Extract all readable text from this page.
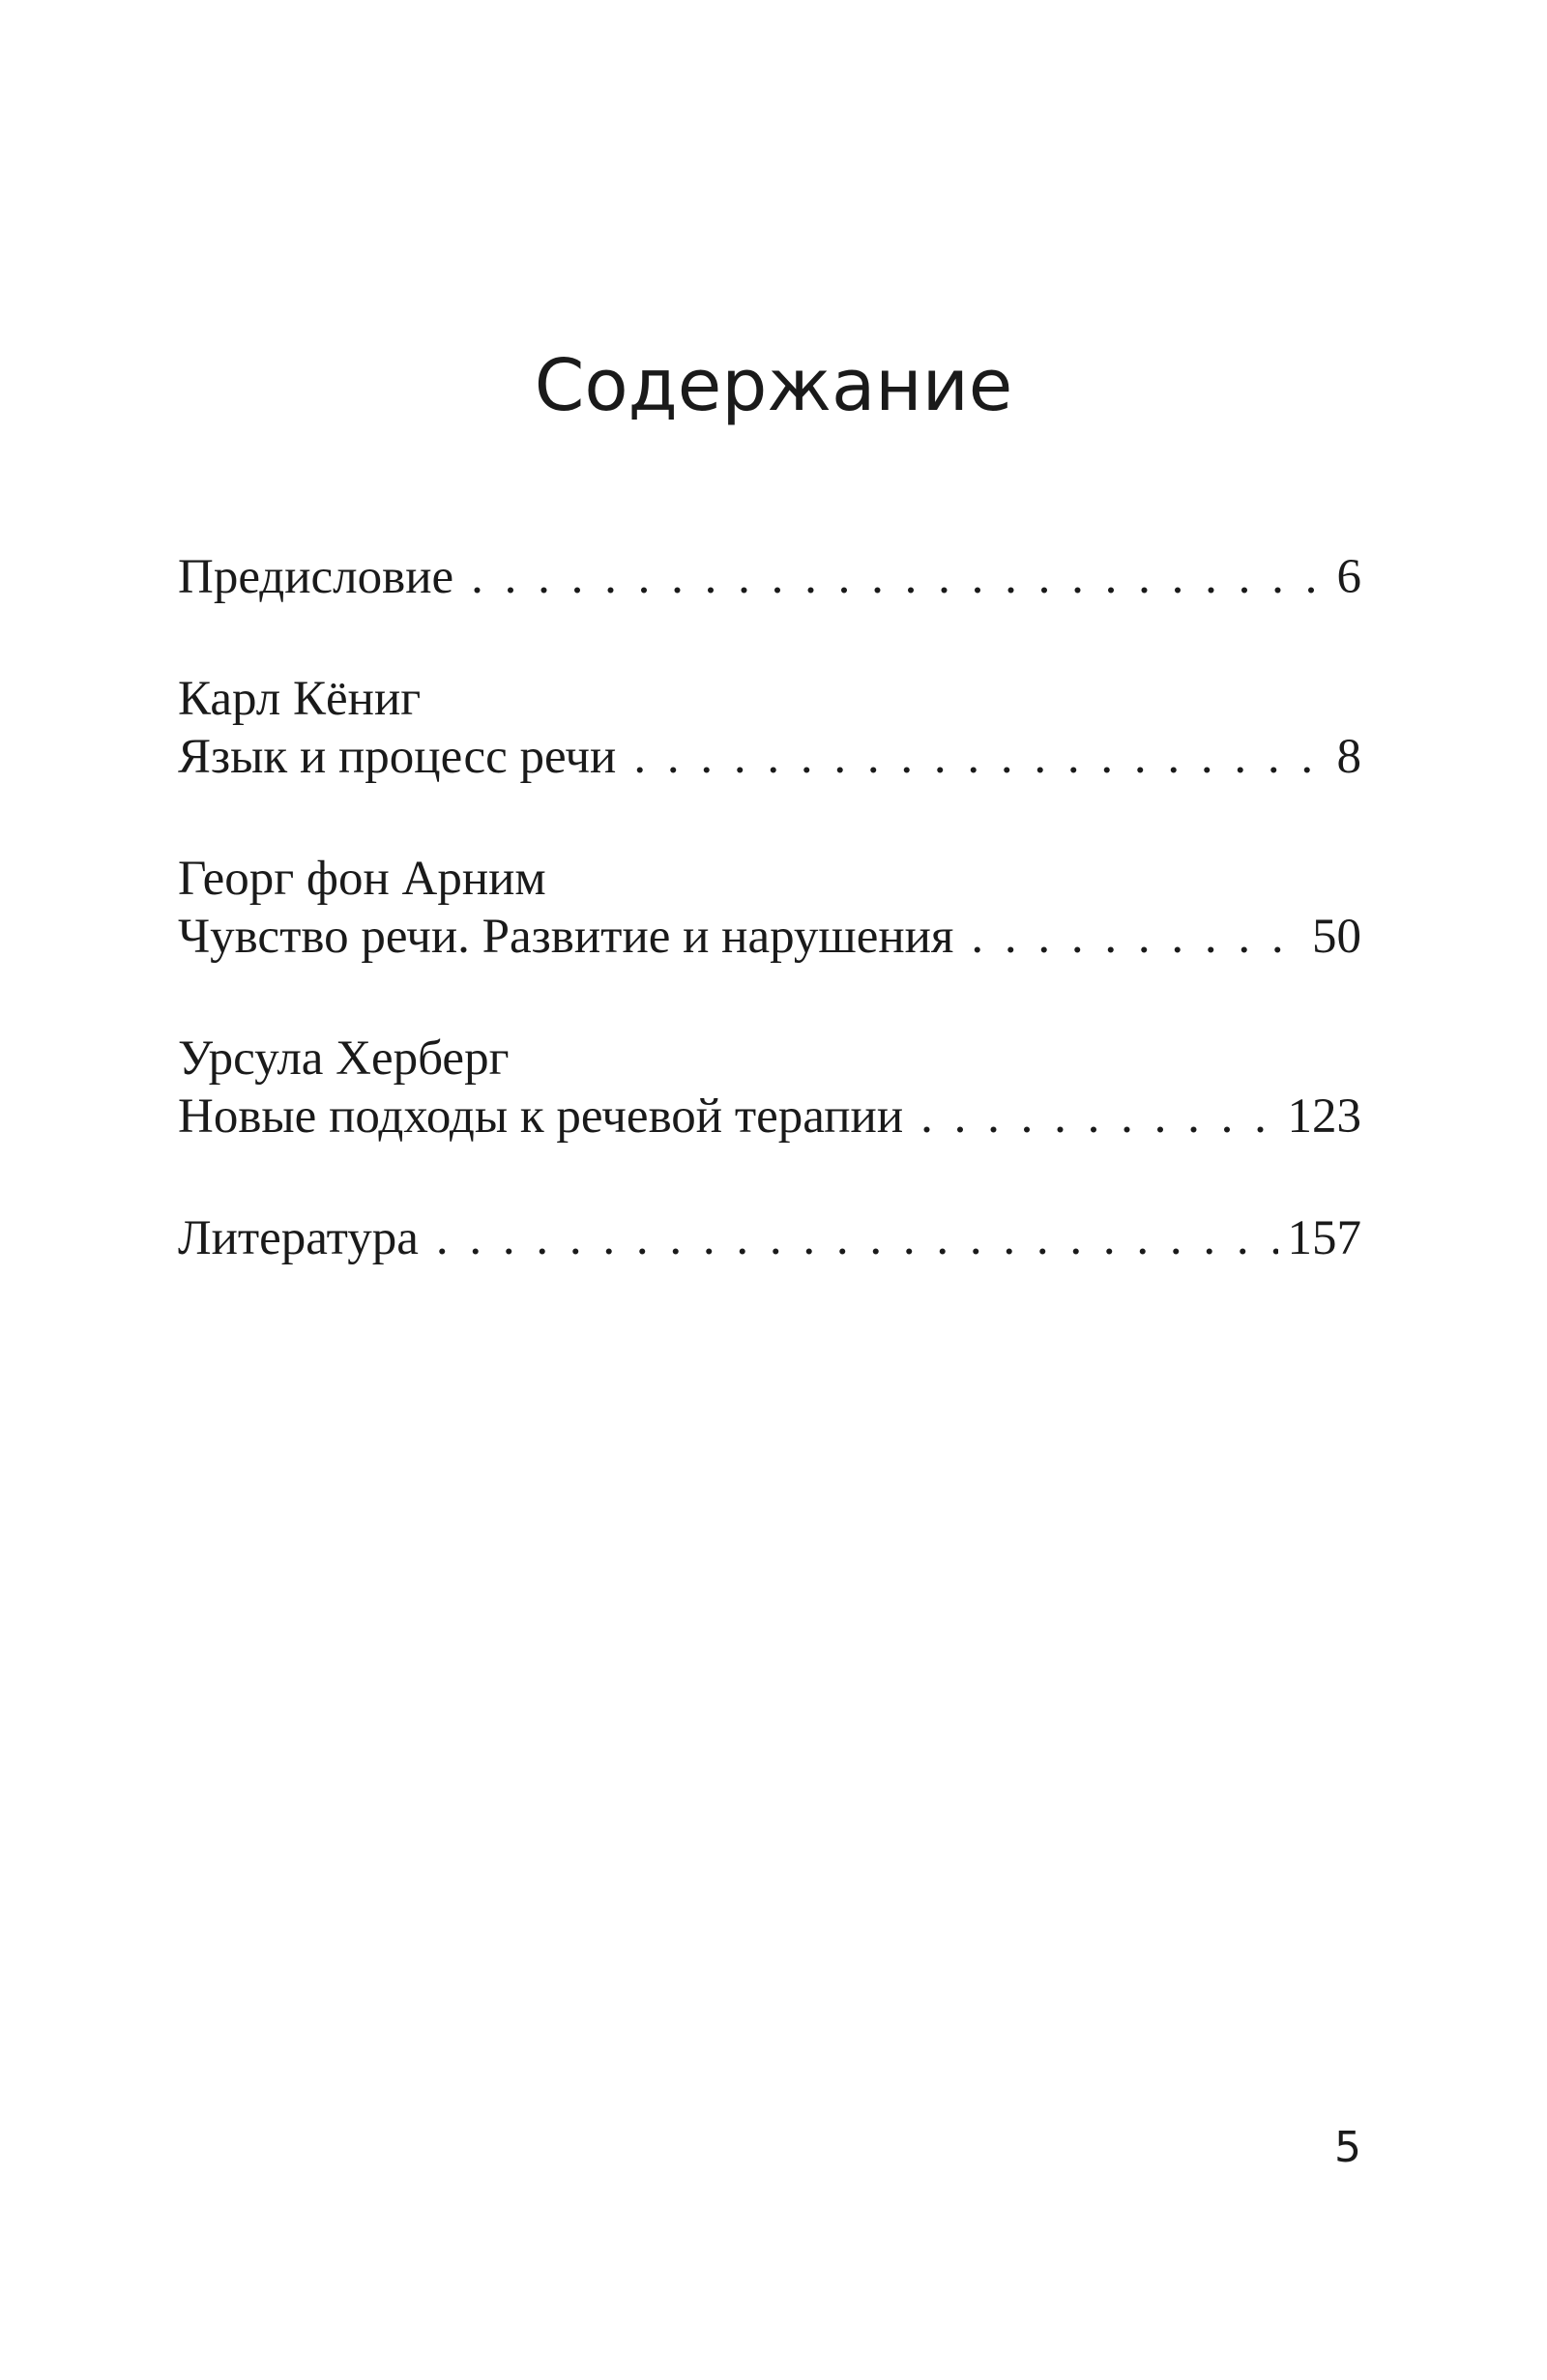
Содержание
Предисловие . . .	6
Карл Кёниг
Язык и процесс речи . . .	8
Георг фон Арним
Чувство речи. Развитие и нарушения . . .	50
Урсула Херберг
Новые подходы к речевой терапии . . .	123
Литература . . .	157
5
